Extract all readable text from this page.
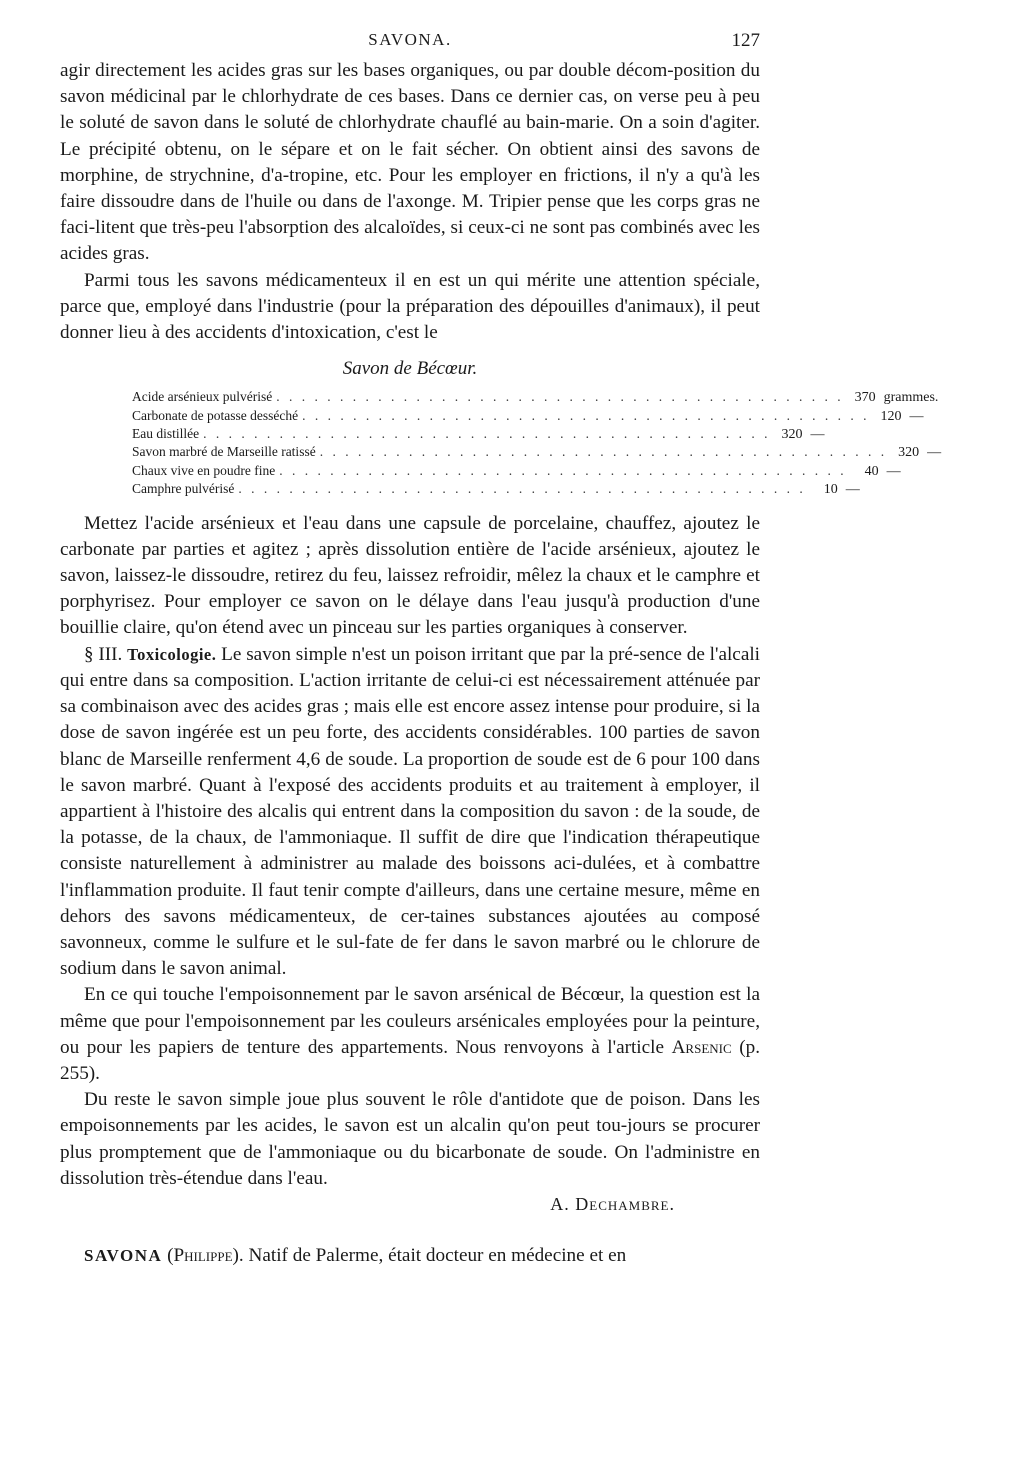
SAVONA.	127

agir directement les acides gras sur les bases organiques, ou par double décom-position du savon médicinal par le chlorhydrate de ces bases. Dans ce dernier cas, on verse peu à peu le soluté de savon dans le soluté de chlorhydrate chauflé au bain-marie. On a soin d'agiter. Le précipité obtenu, on le sépare et on le fait sécher. On obtient ainsi des savons de morphine, de strychnine, d'a-tropine, etc. Pour les employer en frictions, il n'y a qu'à les faire dissoudre dans de l'huile ou dans de l'axonge. M. Tripier pense que les corps gras ne faci-litent que très-peu l'absorption des alcaloïdes, si ceux-ci ne sont pas combinés avec les acides gras.

Parmi tous les savons médicamenteux il en est un qui mérite une attention spéciale, parce que, employé dans l'industrie (pour la préparation des dépouilles d'animaux), il peut donner lieu à des accidents d'intoxication, c'est le

Savon de Bécœur.
Acide arsénieux pulvérisé . . . . . . . . . . . . . . . . . . . . . . . . . . . . . . . . . . . . . . . . . . . . . 370 grammes.
Carbonate de potasse desséché . . . . . . . . . . . . . . . . . . . . . . . . . . . . . . . . . . . . . . . . . . . . . 120 —
Eau distillée . . . . . . . . . . . . . . . . . . . . . . . . . . . . . . . . . . . . . . . . . . . . . 320 —
Savon marbré de Marseille ratissé . . . . . . . . . . . . . . . . . . . . . . . . . . . . . . . . . . . . . . . . . . . . . 320 —
Chaux vive en poudre fine . . . . . . . . . . . . . . . . . . . . . . . . . . . . . . . . . . . . . . . . . . . . .	40 —
Camphre pulvérisé . . . . . . . . . . . . . . . . . . . . . . . . . . . . . . . . . . . . . . . . . . . . .	10 —

Mettez l'acide arsénieux et l'eau dans une capsule de porcelaine, chauffez, ajoutez le carbonate par parties et agitez ; après dissolution entière de l'acide arsénieux, ajoutez le savon, laissez-le dissoudre, retirez du feu, laissez refroidir, mêlez la chaux et le camphre et porphyrisez. Pour employer ce savon on le délaye dans l'eau jusqu'à production d'une bouillie claire, qu'on étend avec un pinceau sur les parties organiques à conserver.

§ III. Toxicologie. Le savon simple n'est un poison irritant que par la pré-sence de l'alcali qui entre dans sa composition. L'action irritante de celui-ci est nécessairement atténuée par sa combinaison avec des acides gras ; mais elle est encore assez intense pour produire, si la dose de savon ingérée est un peu forte, des accidents considérables. 100 parties de savon blanc de Marseille renferment 4,6 de soude. La proportion de soude est de 6 pour 100 dans le savon marbré. Quant à l'exposé des accidents produits et au traitement à employer, il appartient à l'histoire des alcalis qui entrent dans la composition du savon : de la soude, de la potasse, de la chaux, de l'ammoniaque. Il suffit de dire que l'indication thérapeutique consiste naturellement à administrer au malade des boissons aci-dulées, et à combattre l'inflammation produite. Il faut tenir compte d'ailleurs, dans une certaine mesure, même en dehors des savons médicamenteux, de cer-taines substances ajoutées au composé savonneux, comme le sulfure et le sul-fate de fer dans le savon marbré ou le chlorure de sodium dans le savon animal.

En ce qui touche l'empoisonnement par le savon arsénical de Bécœur, la question est la même que pour l'empoisonnement par les couleurs arsénicales employées pour la peinture, ou pour les papiers de tenture des appartements. Nous renvoyons à l'article Arsenic (p. 255).

Du reste le savon simple joue plus souvent le rôle d'antidote que de poison. Dans les empoisonnements par les acides, le savon est un alcalin qu'on peut tou-jours se procurer plus promptement que de l'ammoniaque ou du bicarbonate de soude. On l'administre en dissolution très-étendue dans l'eau.

A. Dechambre.

SAVONA (Philippe). Natif de Palerme, était docteur en médecine et en
